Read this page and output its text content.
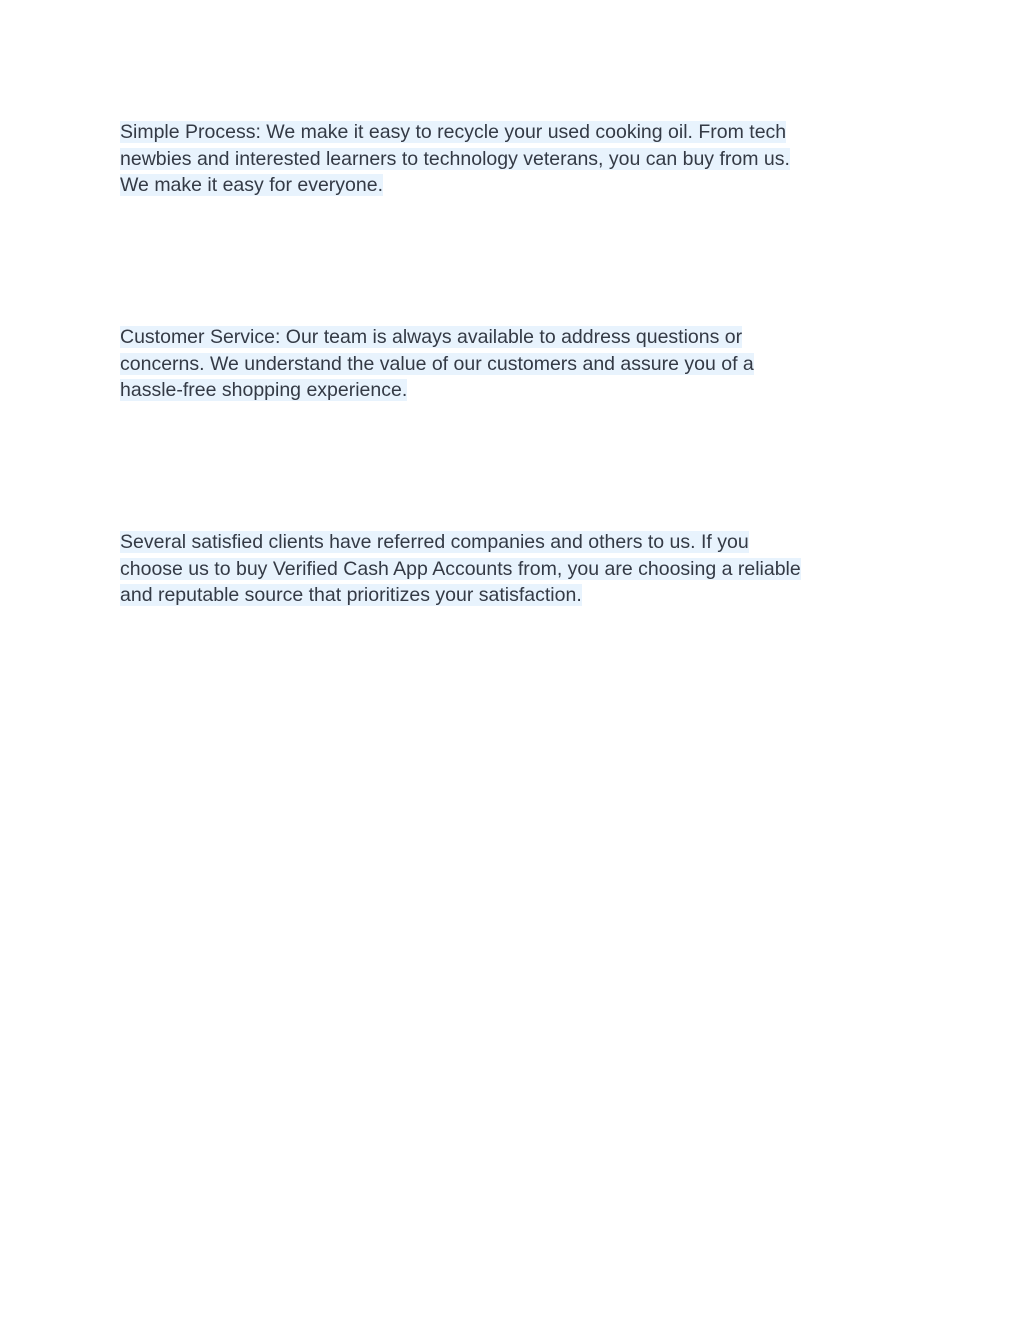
Simple Process: We make it easy to recycle your used cooking oil. From tech
newbies and interested learners to technology veterans, you can buy from us.
We make it easy for everyone.

Customer Service: Our team is always available to address questions or
concerns. We understand the value of our customers and assure you of a
hassle-free shopping experience.

Several satisfied clients have referred companies and others to us. If you
choose us to buy Verified Cash App Accounts from, you are choosing a reliable
and reputable source that prioritizes your satisfaction.
